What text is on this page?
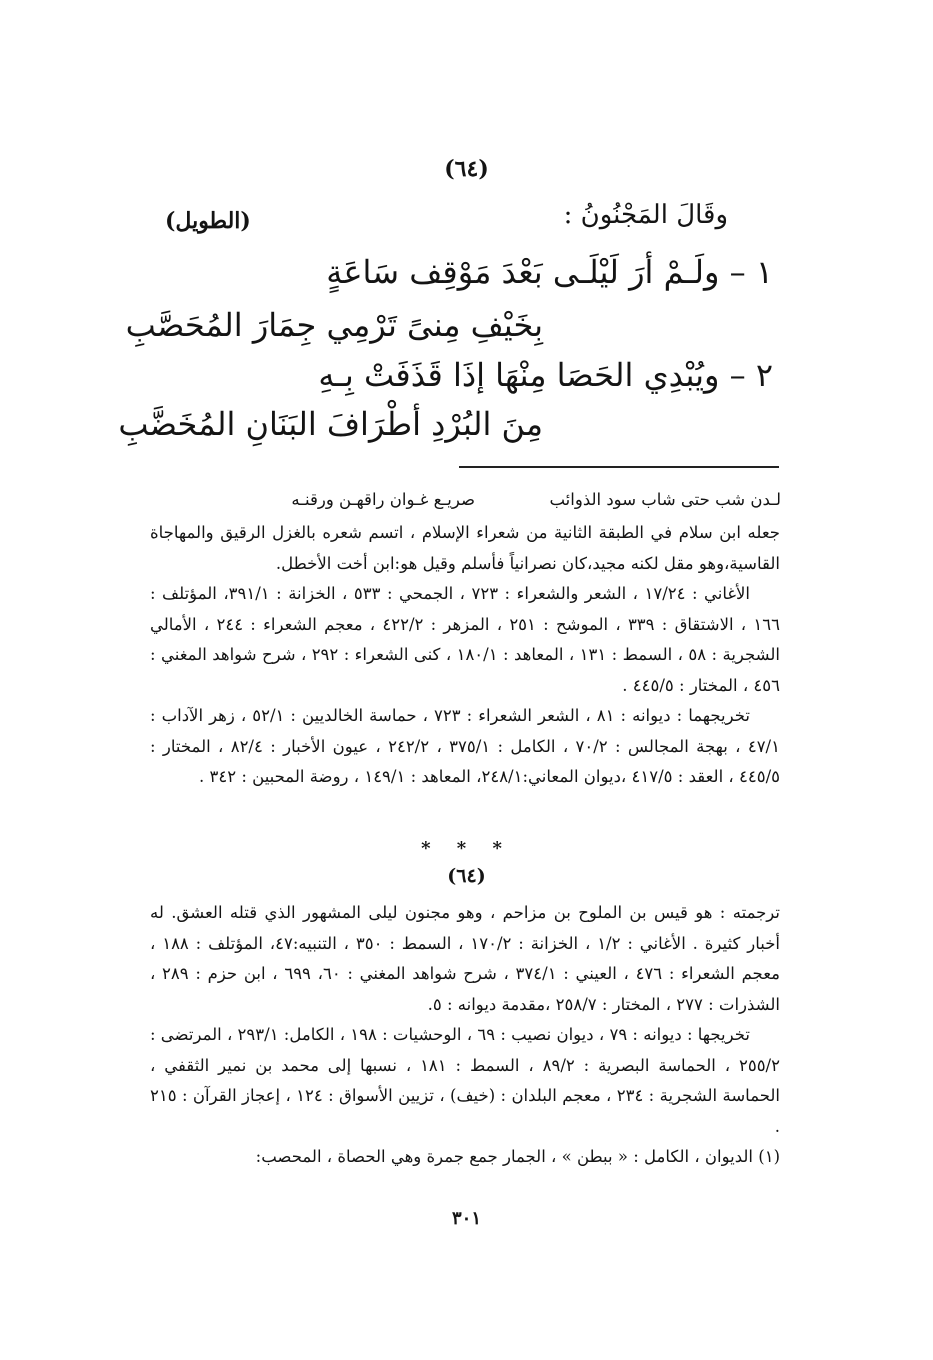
(٦٤)
وقَالَ المَجْنُونُ :
(الطويل)
١ – ولَـمْ أرَ لَيْلَـى بَعْدَ مَوْقِف سَاعَةٍ
بِخَيْفِ مِنىً تَرْمِي جِمَارَ المُحَصَّبِ
٢ – ويُبْدِي الحَصَا مِنْهَا إذَا قَذَفَتْ بِـهِ
مِنَ البُرْدِ أطْرَافَ البَنَانِ المُخَضَّبِ
صريـع غـوان راقهـن ورقنـه	لـدن شب حتى شاب سود الذوائب

جعله ابن سلام في الطبقة الثانية من شعراء الإسلام ، اتسم شعره بالغزل الرقيق والمهاجاة القاسية،وهو مقل لكنه مجيد،كان نصرانياً فأسلم وقيل هو:ابن أخت الأخطل.

الأغاني : ١٧/٢٤ ، الشعر والشعراء : ٧٢٣ ، الجمحي : ٥٣٣ ، الخزانة : ٣٩١/١، المؤتلف : ١٦٦ ، الاشتقاق : ٣٣٩ ، الموشح : ٢٥١ ، المزهر : ٤٢٢/٢ ، معجم الشعراء : ٢٤٤ ، الأمالي الشجرية : ٥٨ ، السمط : ١٣١ ، المعاهد : ١٨٠/١ ، كنى الشعراء : ٢٩٢ ، شرح شواهد المغني : ٤٥٦ ، المختار : ٤٤٥/٥ .

تخريجهما : ديوانه : ٨١ ، الشعر الشعراء : ٧٢٣ ، حماسة الخالديين : ٥٢/١ ، زهر الآداب : ٤٧/١ ، بهجة المجالس : ٧٠/٢ ، الكامل : ٣٧٥/١ ، ٢٤٢/٢ ، عيون الأخبار : ٨٢/٤ ، المختار : ٤٤٥/٥ ، العقد : ٤١٧/٥ ،ديوان المعاني:٢٤٨/١، المعاهد : ١٤٩/١ ، روضة المحبين : ٣٤٢ .

* * *
(٦٤)

ترجمته : هو قيس بن الملوح بن مزاحم ، وهو مجنون ليلى المشهور الذي قتله العشق. له أخبار كثيرة . الأغاني : ١/٢ ، الخزانة : ١٧٠/٢ ، السمط : ٣٥٠ ، التنبيه:٤٧، المؤتلف : ١٨٨ ، معجم الشعراء : ٤٧٦ ، العيني : ٣٧٤/١ ، شرح شواهد المغني : ٦٠، ٦٩٩ ، ابن حزم : ٢٨٩ ، الشذرات : ٢٧٧ ، المختار : ٢٥٨/٧ ،مقدمة ديوانه : ٥.

تخريجها : ديوانه : ٧٩ ، ديوان نصيب : ٦٩ ، الوحشيات : ١٩٨ ، الكامل: ٢٩٣/١ ، المرتضى : ٢٥٥/٢ ، الحماسة البصرية : ٨٩/٢ ، السمط : ١٨١ ، نسبها إلى محمد بن نمير الثقفي ، الحماسة الشجرية : ٢٣٤ ، معجم البلدان : (خيف) ، تزيين الأسواق : ١٢٤ ، إعجاز القرآن : ٢١٥ .

(١) الديوان ، الكامل : « ببطن » ، الجمار جمع جمرة وهي الحصاة ، المحصب:

٣٠١
